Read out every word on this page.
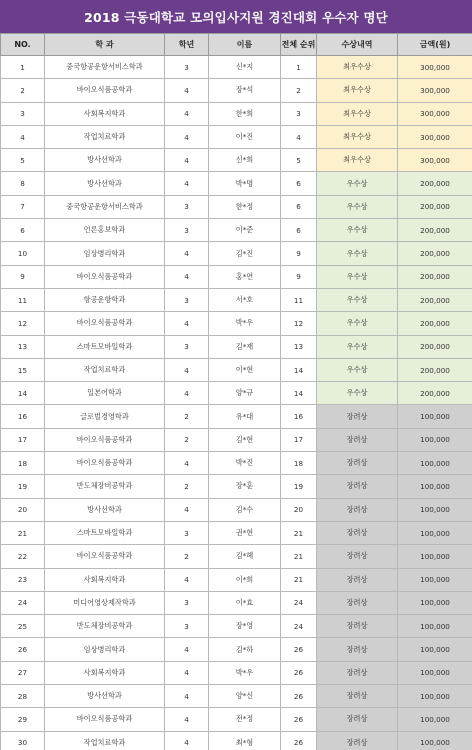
2018 극동대학교 모의입사지원 경진대회 우수자 명단
NO.	학 과	학년	이름	전체 순위	수상내역	금액(원)
1	중국항공운항서비스학과	3	신*지	1	최우수상	300,000
2	바이오식품공학과	4	장*석	2	최우수상	300,000
3	사회복지학과	4	한*희	3	최우수상	300,000
4	작업치료학과	4	이*진	4	최우수상	300,000
5	방사선학과	4	신*희	5	최우수상	300,000
8	방사선학과	4	박*명	6	우수상	200,000
7	중국항공운항서비스학과	3	한*정	6	우수상	200,000
6	언론홍보학과	3	이*준	6	우수상	200,000
10	임상병리학과	4	김*진	9	우수상	200,000
9	바이오식품공학과	4	홍*연	9	우수상	200,000
11	항공운항학과	3	서*호	11	우수상	200,000
12	바이오식품공학과	4	박*우	12	우수상	200,000
13	스마트모바일학과	3	김*재	13	우수상	200,000
15	작업치료학과	4	이*현	14	우수상	200,000
14	일본어학과	4	양*규	14	우수상	200,000
16	글로벌경영학과	2	유*대	16	장려상	100,000
17	바이오식품공학과	2	김*현	17	장려상	100,000
18	바이오식품공학과	4	박*진	18	장려상	100,000
19	반도체장비공학과	2	장*훈	19	장려상	100,000
20	방사선학과	4	김*수	20	장려상	100,000
21	스마트모바일학과	3	권*현	21	장려상	100,000
22	바이오식품공학과	2	김*혜	21	장려상	100,000
23	사회복지학과	4	이*희	21	장려상	100,000
24	미디어영상제작학과	3	이*효	24	장려상	100,000
25	반도체장비공학과	3	장*영	24	장려상	100,000
26	임상병리학과	4	김*하	26	장려상	100,000
27	사회복지학과	4	박*우	26	장려상	100,000
28	방사선학과	4	양*신	26	장려상	100,000
29	바이오식품공학과	4	전*정	26	장려상	100,000
30	작업치료학과	4	최*형	26	장려상	100,000
